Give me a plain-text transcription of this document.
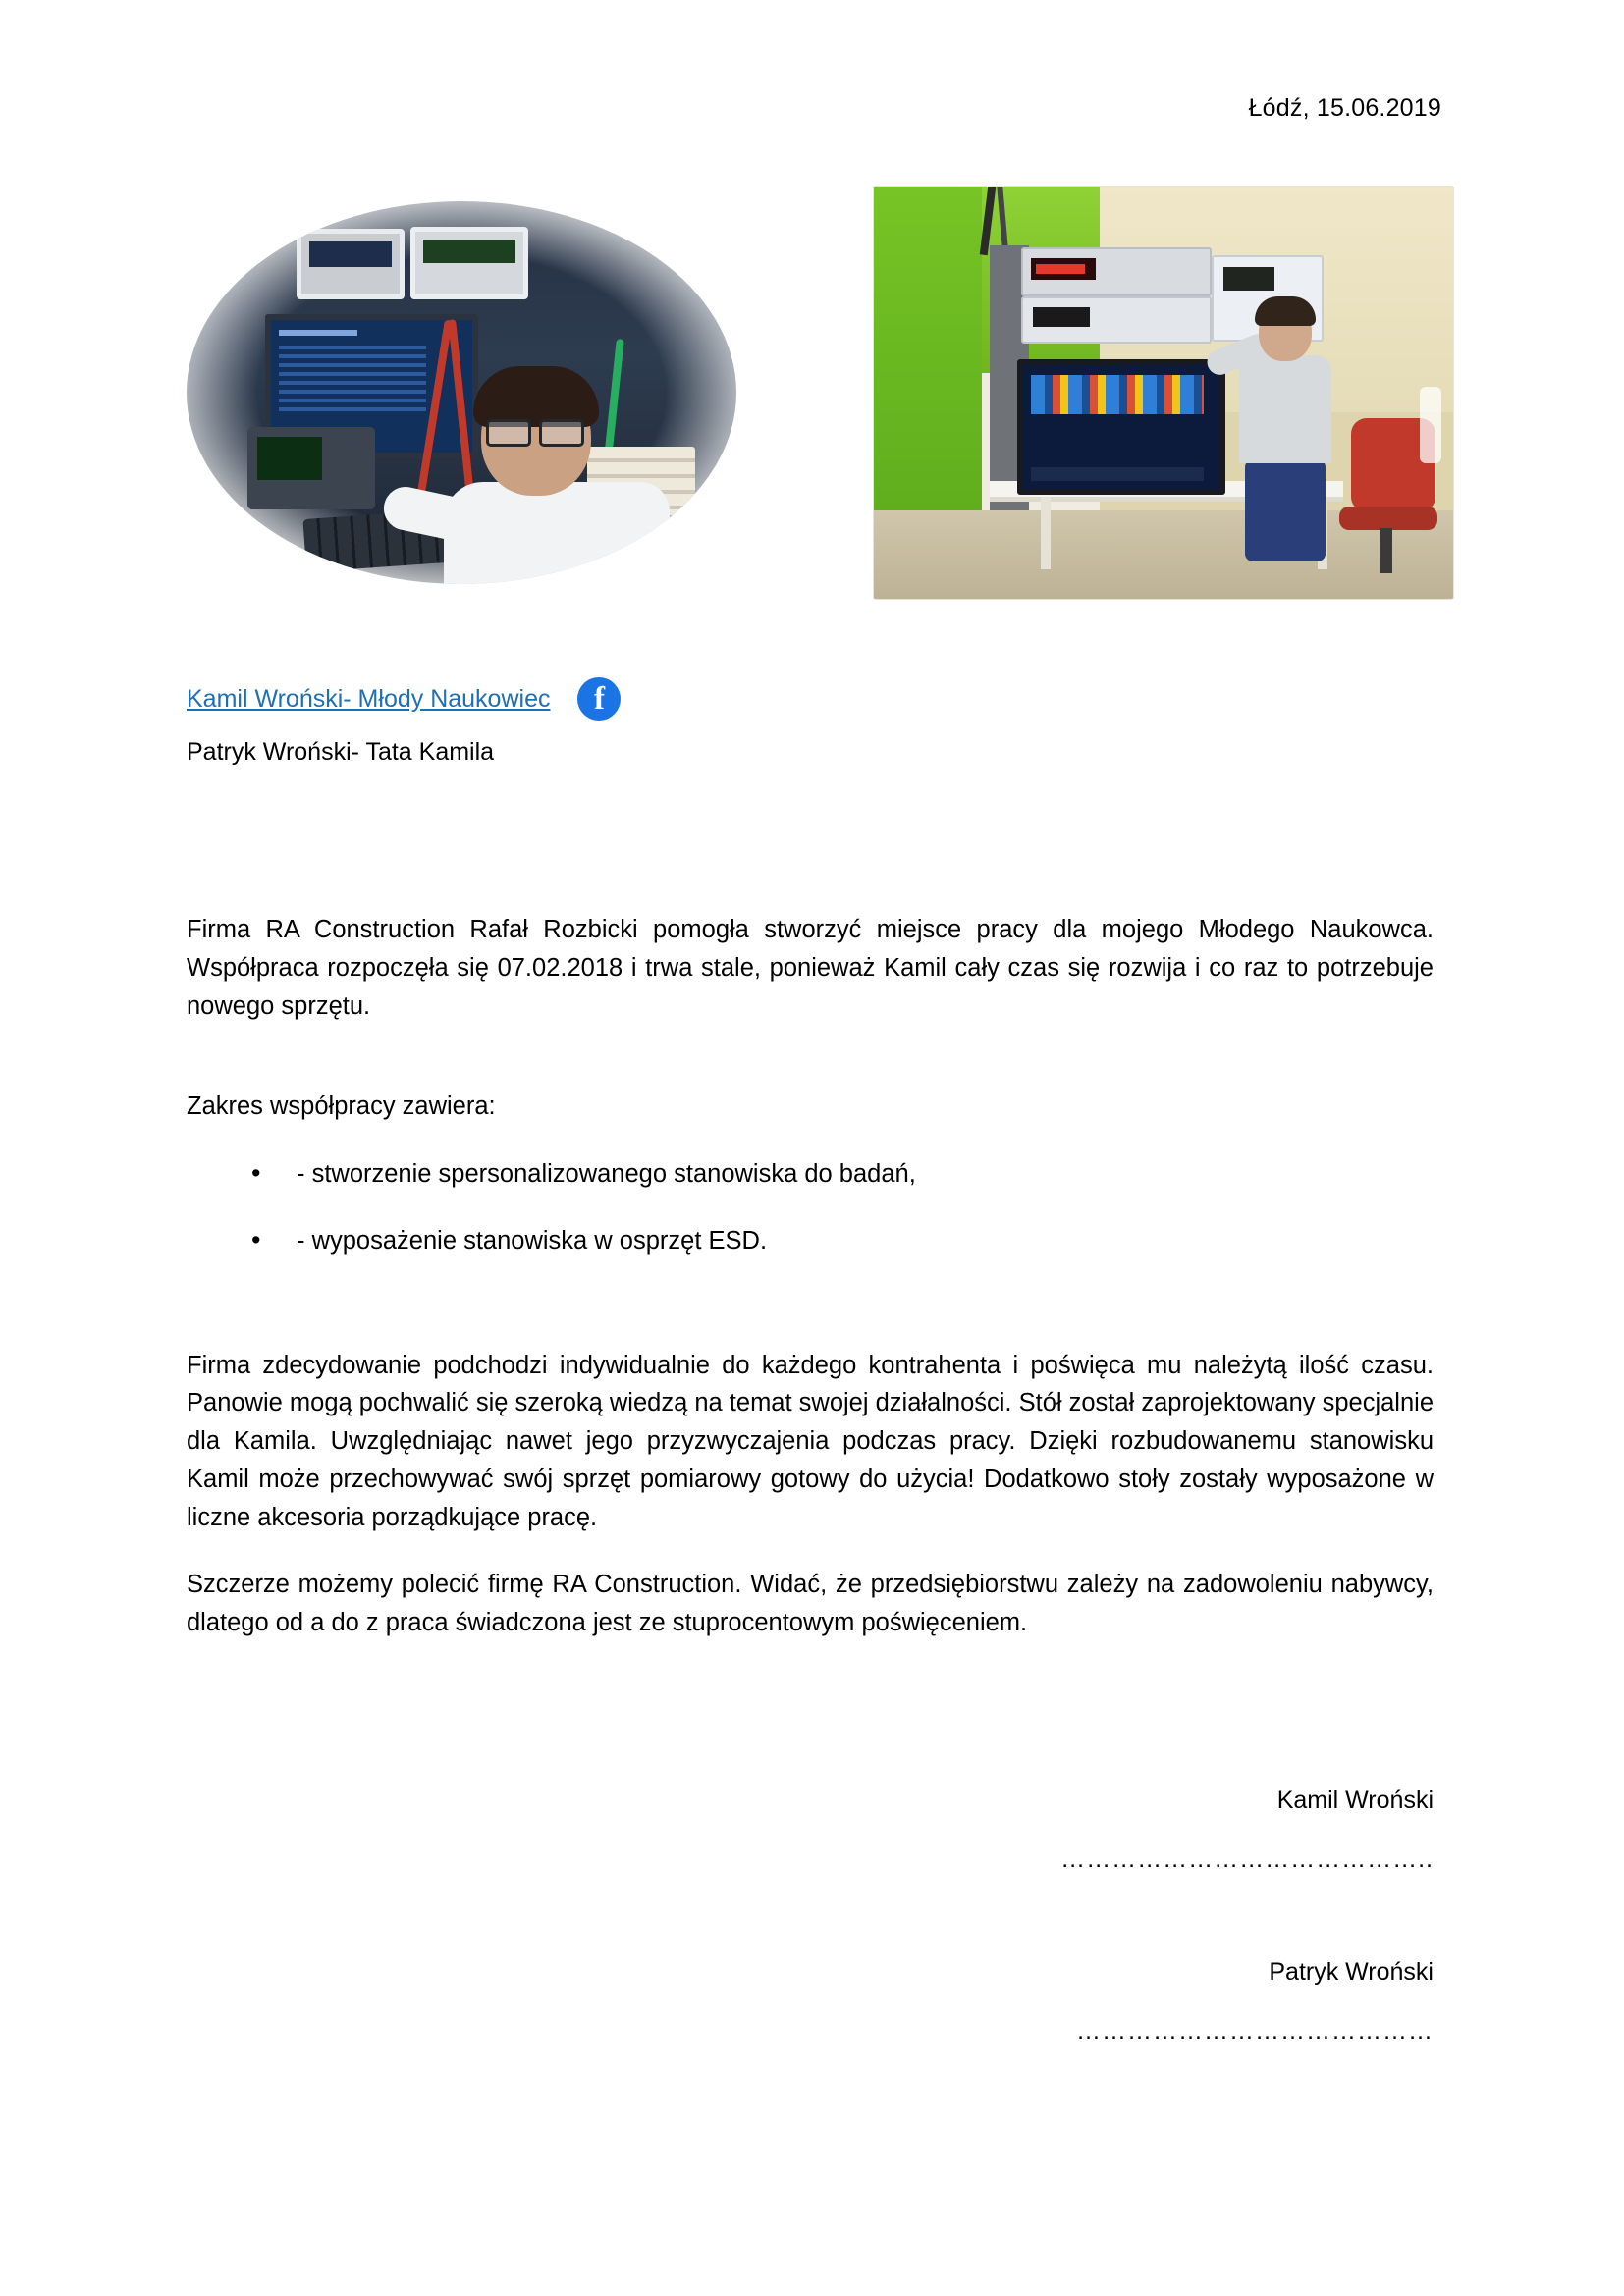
Łódź, 15.06.2019
Kamil Wroński- Młody Naukowiec	f
Patryk Wroński- Tata Kamila

Firma RA Construction Rafał Rozbicki pomogła stworzyć miejsce pracy dla mojego Młodego Naukowca. Współpraca rozpoczęła się 07.02.2018 i trwa stale, ponieważ Kamil cały czas się rozwija i co raz to potrzebuje nowego sprzętu.

Zakres współpracy zawiera:

• - stworzenie spersonalizowanego stanowiska do badań,
• - wyposażenie stanowiska w osprzęt ESD.

Firma zdecydowanie podchodzi indywidualnie do każdego kontrahenta i poświęca mu należytą ilość czasu. Panowie mogą pochwalić się szeroką wiedzą na temat swojej działalności. Stół został zaprojektowany specjalnie dla Kamila. Uwzględniając nawet jego przyzwyczajenia podczas pracy. Dzięki rozbudowanemu stanowisku Kamil może przechowywać swój sprzęt pomiarowy gotowy do użycia! Dodatkowo stoły zostały wyposażone w liczne akcesoria porządkujące pracę.

Szczerze możemy polecić firmę RA Construction. Widać, że przedsiębiorstwu zależy na zadowoleniu nabywcy, dlatego od a do z praca świadczona jest ze stuprocentowym poświęceniem.

Kamil Wroński
……………………………………..
Patryk Wroński
……………………………………
